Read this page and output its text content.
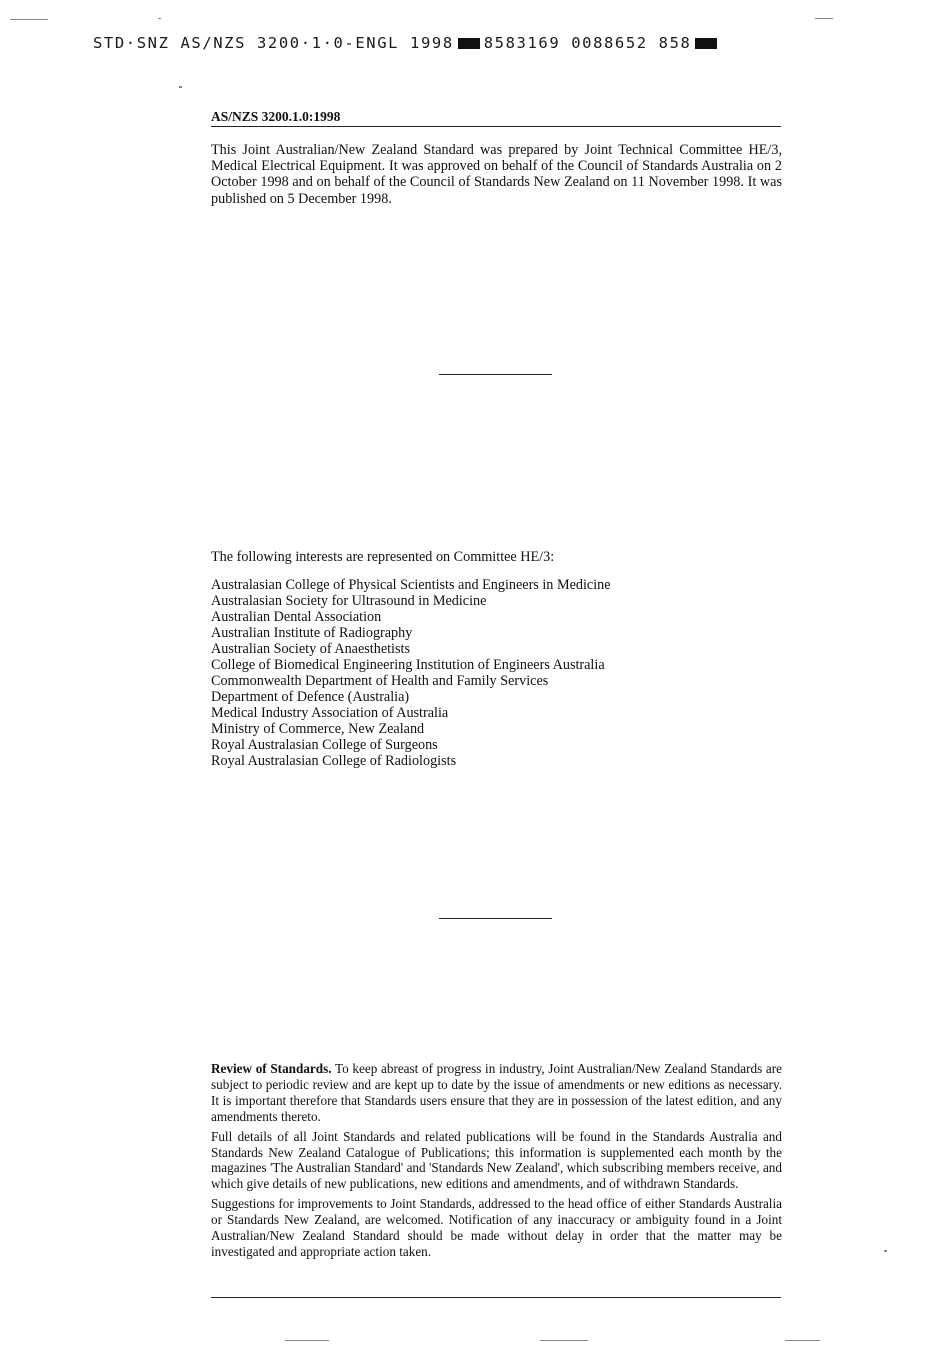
STD·SNZ AS/NZS 3200·1·0-ENGL 1998 8583169 0088652 858
AS/NZS 3200.1.0:1998

This Joint Australian/New Zealand Standard was prepared by Joint Technical Committee HE/3, Medical Electrical Equipment. It was approved on behalf of the Council of Standards Australia on 2 October 1998 and on behalf of the Council of Standards New Zealand on 11 November 1998. It was published on 5 December 1998.

The following interests are represented on Committee HE/3:

Australasian College of Physical Scientists and Engineers in Medicine
Australasian Society for Ultrasound in Medicine
Australian Dental Association
Australian Institute of Radiography
Australian Society of Anaesthetists
College of Biomedical Engineering Institution of Engineers Australia
Commonwealth Department of Health and Family Services
Department of Defence (Australia)
Medical Industry Association of Australia
Ministry of Commerce, New Zealand
Royal Australasian College of Surgeons
Royal Australasian College of Radiologists

Review of Standards. To keep abreast of progress in industry, Joint Australian/New Zealand Standards are subject to periodic review and are kept up to date by the issue of amendments or new editions as necessary. It is important therefore that Standards users ensure that they are in possession of the latest edition, and any amendments thereto.

Full details of all Joint Standards and related publications will be found in the Standards Australia and Standards New Zealand Catalogue of Publications; this information is supplemented each month by the magazines 'The Australian Standard' and 'Standards New Zealand', which subscribing members receive, and which give details of new publications, new editions and amendments, and of withdrawn Standards.

Suggestions for improvements to Joint Standards, addressed to the head office of either Standards Australia or Standards New Zealand, are welcomed. Notification of any inaccuracy or ambiguity found in a Joint Australian/New Zealand Standard should be made without delay in order that the matter may be investigated and appropriate action taken.
